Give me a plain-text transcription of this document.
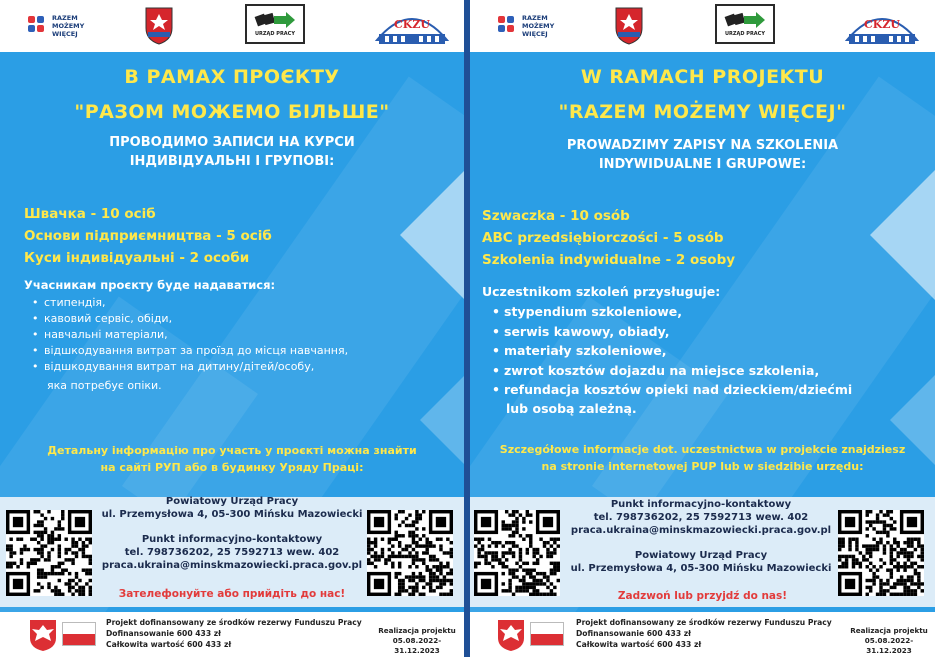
RAZEM
MOŻEMY
WIĘCEJ	URZĄD PRACY
CKZU
В РАМАХ ПРОЄКТУ
"РАЗОМ МОЖЕМО БІЛЬШЕ"
ПРОВОДИМО ЗАПИСИ НА КУРСИ
ІНДИВІДУАЛЬНІ І ГРУПОВІ:
Швачка - 10 осіб
Основи підприємництва - 5 осіб
Куси індивідуальні - 2 особи
Учасникам проєкту буде надаватися:
• стипендія,
• кавовий сервіс, обіди,
• навчальні матеріали,
• відшкодування витрат за проїзд до місця навчання,
• відшкодування витрат на дитину/дітей/особу,
яка потребує опіки.
Детальну інформацію про участь у проєкті можна знайти
на сайті РУП або в будинку Уряду Праці:
Powiatowy Urząd Pracy
ul. Przemysłowa 4, 05-300 Mińsku Mazowiecki
Punkt informacyjno-kontaktowy
tel. 798736202, 25 7592713 wew. 402
praca.ukraina@minskmazowiecki.praca.gov.pl
Зателефонуйте або прийдіть до нас!
Projekt dofinansowany ze środków rezerwy Funduszu Pracy
Dofinansowanie 600 433 zł
Całkowita wartość 600 433 zł
Realizacja projektu
05.08.2022-31.12.2023
RAZEM
MOŻEMY
WIĘCEJ	URZĄD PRACY
CKZU
W RAMACH PROJEKTU
"RAZEM MOŻEMY WIĘCEJ"
PROWADZIMY ZAPISY NA SZKOLENIA
INDYWIDUALNE I GRUPOWE:
Szwaczka - 10 osób
ABC przedsiębiorczości - 5 osób
Szkolenia indywidualne - 2 osoby
Uczestnikom szkoleń przysługuje:
• stypendium szkoleniowe,
• serwis kawowy, obiady,
• materiały szkoleniowe,
• zwrot kosztów dojazdu na miejsce szkolenia,
• refundacja kosztów opieki nad dzieckiem/dziećmi
lub osobą zależną.
Szczegółowe informacje dot. uczestnictwa w projekcie znajdziesz
na stronie internetowej PUP lub w siedzibie urzędu:
Punkt informacyjno-kontaktowy
tel. 798736202, 25 7592713 wew. 402
praca.ukraina@minskmazowiecki.praca.gov.pl
Powiatowy Urząd Pracy
ul. Przemysłowa 4, 05-300 Mińsku Mazowiecki
Zadzwoń lub przyjdź do nas!
Projekt dofinansowany ze środków rezerwy Funduszu Pracy
Dofinansowanie 600 433 zł
Całkowita wartość 600 433 zł
Realizacja projektu
05.08.2022-31.12.2023
